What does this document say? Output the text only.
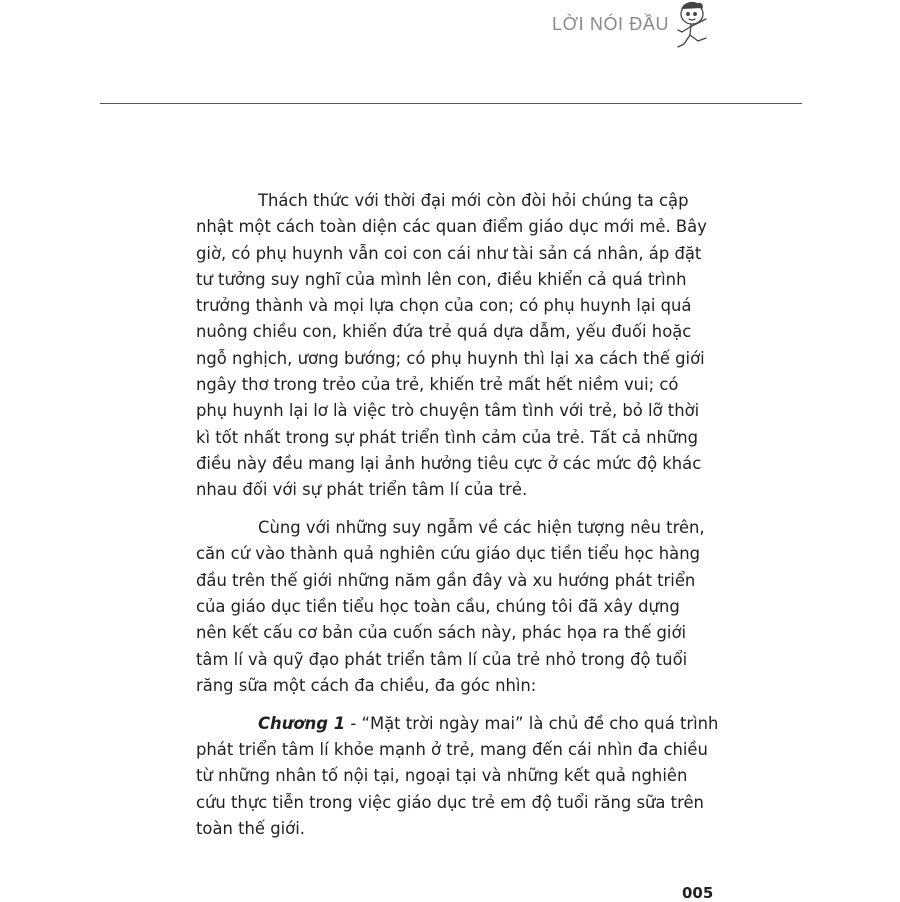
LỜI NÓI ĐẦU

Thách thức với thời đại mới còn đòi hỏi chúng ta cập
nhật một cách toàn diện các quan điểm giáo dục mới mẻ. Bây
giờ, có phụ huynh vẫn coi con cái như tài sản cá nhân, áp đặt
tư tưởng suy nghĩ của mình lên con, điều khiển cả quá trình
trưởng thành và mọi lựa chọn của con; có phụ huynh lại quá
nuông chiều con, khiến đứa trẻ quá dựa dẫm, yếu đuối hoặc
ngỗ nghịch, ương bướng; có phụ huynh thì lại xa cách thế giới
ngây thơ trong trẻo của trẻ, khiến trẻ mất hết niềm vui; có
phụ huynh lại lơ là việc trò chuyện tâm tình với trẻ, bỏ lỡ thời
kì tốt nhất trong sự phát triển tình cảm của trẻ. Tất cả những
điều này đều mang lại ảnh hưởng tiêu cực ở các mức độ khác
nhau đối với sự phát triển tâm lí của trẻ.

Cùng với những suy ngẫm về các hiện tượng nêu trên,
căn cứ vào thành quả nghiên cứu giáo dục tiền tiểu học hàng
đầu trên thế giới những năm gần đây và xu hướng phát triển
của giáo dục tiền tiểu học toàn cầu, chúng tôi đã xây dựng
nên kết cấu cơ bản của cuốn sách này, phác họa ra thế giới
tâm lí và quỹ đạo phát triển tâm lí của trẻ nhỏ trong độ tuổi
răng sữa một cách đa chiều, đa góc nhìn:

Chương 1 - “Mặt trời ngày mai” là chủ đề cho quá trình
phát triển tâm lí khỏe mạnh ở trẻ, mang đến cái nhìn đa chiều
từ những nhân tố nội tại, ngoại tại và những kết quả nghiên
cứu thực tiễn trong việc giáo dục trẻ em độ tuổi răng sữa trên
toàn thế giới.

005
